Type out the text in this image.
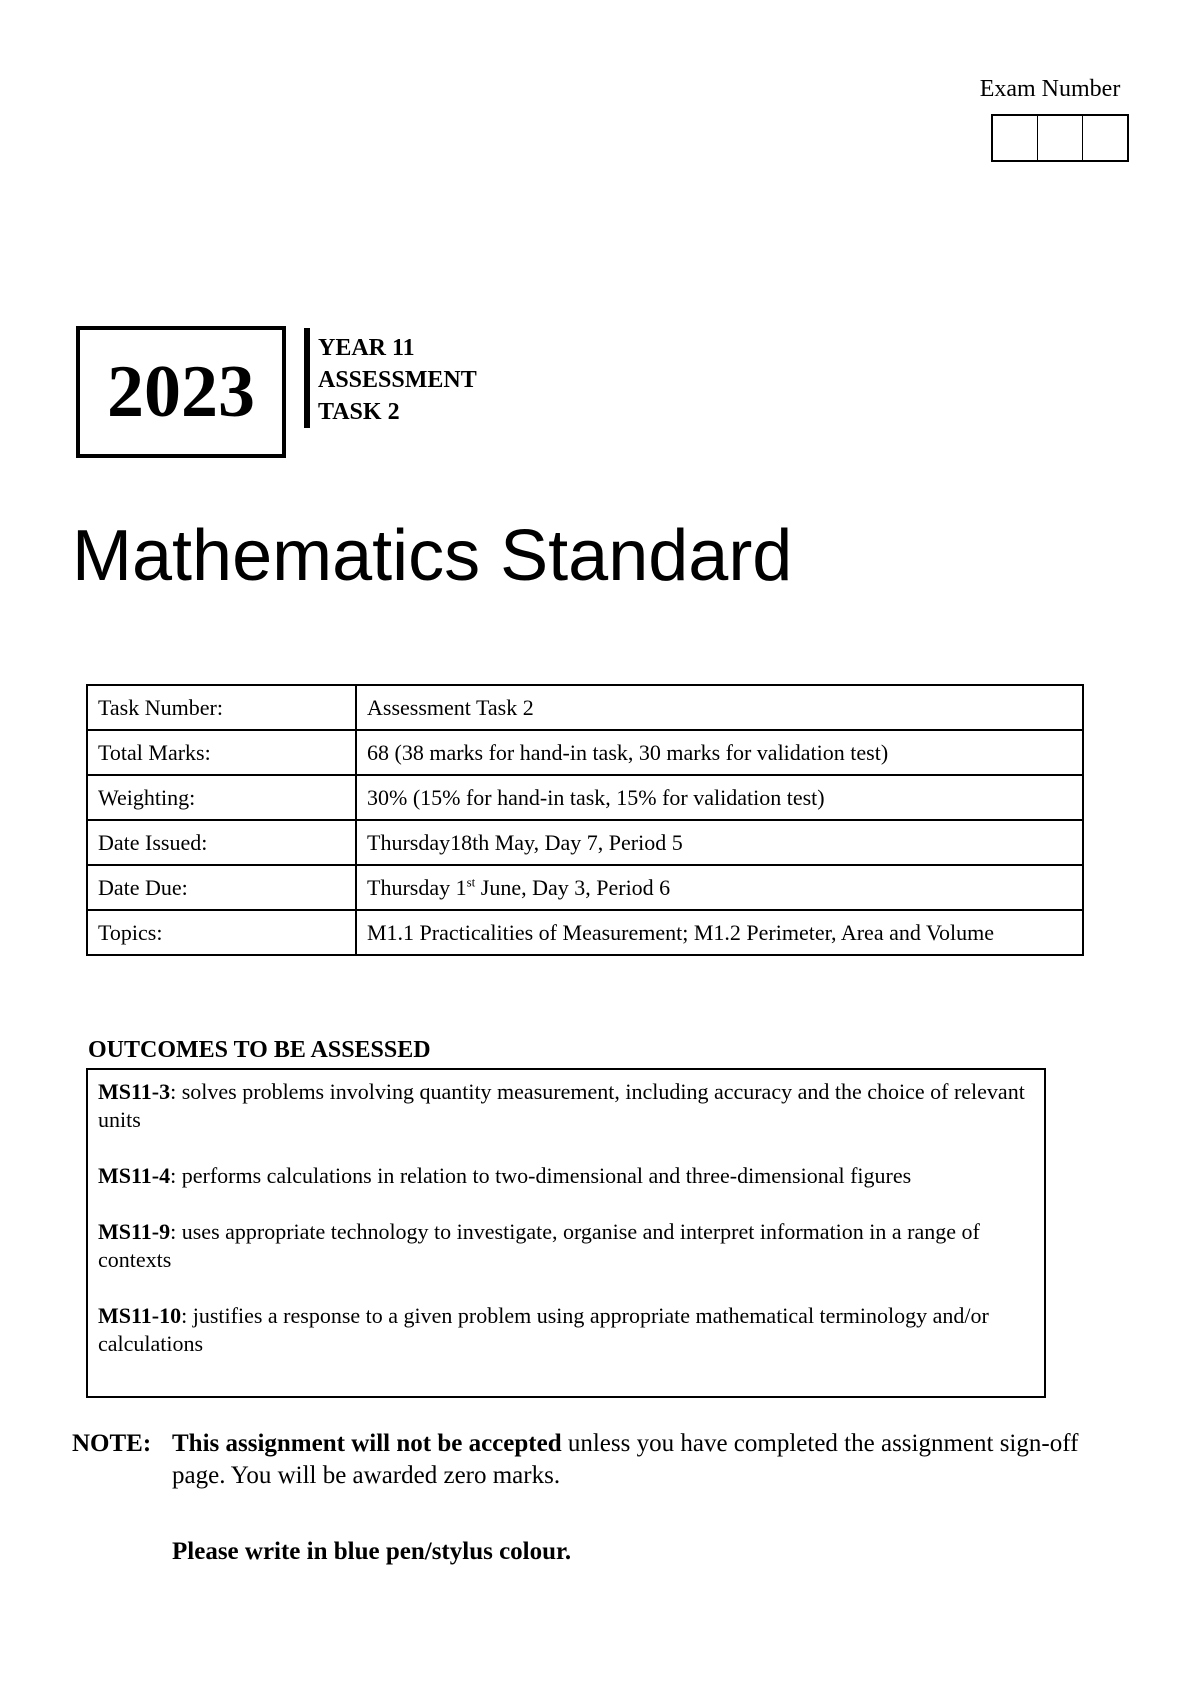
Exam Number
2023
YEAR 11
ASSESSMENT
TASK 2
Mathematics Standard
Task Number:	Assessment Task 2
Total Marks:	68 (38 marks for hand-in task, 30 marks for validation test)
Weighting:	30% (15% for hand-in task, 15% for validation test)
Date Issued:	Thursday18th May, Day 7, Period 5
Date Due:	Thursday 1st June, Day 3, Period 6
Topics:	M1.1 Practicalities of Measurement; M1.2 Perimeter, Area and Volume
OUTCOMES TO BE ASSESSED

MS11-3: solves problems involving quantity measurement, including accuracy and the choice of relevant units

MS11-4: performs calculations in relation to two-dimensional and three-dimensional figures

MS11-9: uses appropriate technology to investigate, organise and interpret information in a range of contexts

MS11-10: justifies a response to a given problem using appropriate mathematical terminology and/or calculations

NOTE: This assignment will not be accepted unless you have completed the assignment sign-off page. You will be awarded zero marks.
Please write in blue pen/stylus colour.
